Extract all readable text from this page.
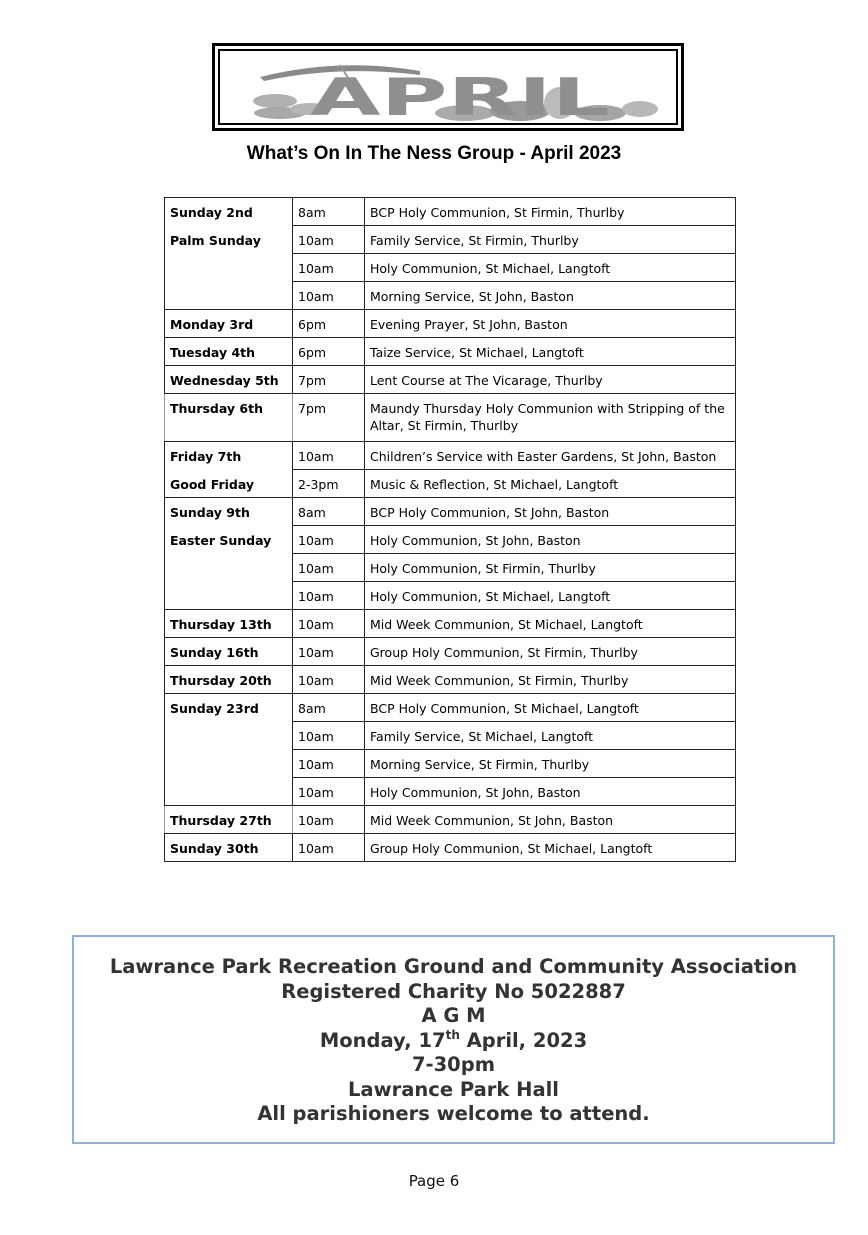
APRIL
What’s On In The Ness Group - April 2023
Sunday 2nd	8am	BCP Holy Communion, St Firmin, Thurlby
Palm Sunday	10am	Family Service, St Firmin, Thurlby
	10am	Holy Communion, St Michael, Langtoft
	10am	Morning Service, St John, Baston
Monday 3rd	6pm	Evening Prayer, St John, Baston
Tuesday 4th	6pm	Taize Service, St Michael, Langtoft
Wednesday 5th	7pm	Lent Course at The Vicarage, Thurlby
Thursday 6th	7pm	Maundy Thursday Holy Communion with Stripping of the Altar, St Firmin, Thurlby
Friday 7th	10am	Children’s Service with Easter Gardens, St John, Baston
Good Friday	2-3pm	Music & Reflection, St Michael, Langtoft
Sunday 9th	8am	BCP Holy Communion, St John, Baston
Easter Sunday	10am	Holy Communion, St John, Baston
	10am	Holy Communion, St Firmin, Thurlby
	10am	Holy Communion, St Michael, Langtoft
Thursday 13th	10am	Mid Week Communion, St Michael, Langtoft
Sunday 16th	10am	Group Holy Communion, St Firmin, Thurlby
Thursday 20th	10am	Mid Week Communion, St Firmin, Thurlby
Sunday 23rd	8am	BCP Holy Communion, St Michael, Langtoft
	10am	Family Service, St Michael, Langtoft
	10am	Morning Service, St Firmin, Thurlby
	10am	Holy Communion, St John, Baston
Thursday 27th	10am	Mid Week Communion, St John, Baston
Sunday 30th	10am	Group Holy Communion, St Michael, Langtoft
Lawrance Park Recreation Ground and Community Association
Registered Charity No 5022887
A G M
Monday, 17th April, 2023
7-30pm
Lawrance Park Hall
All parishioners welcome to attend.
Page 6
